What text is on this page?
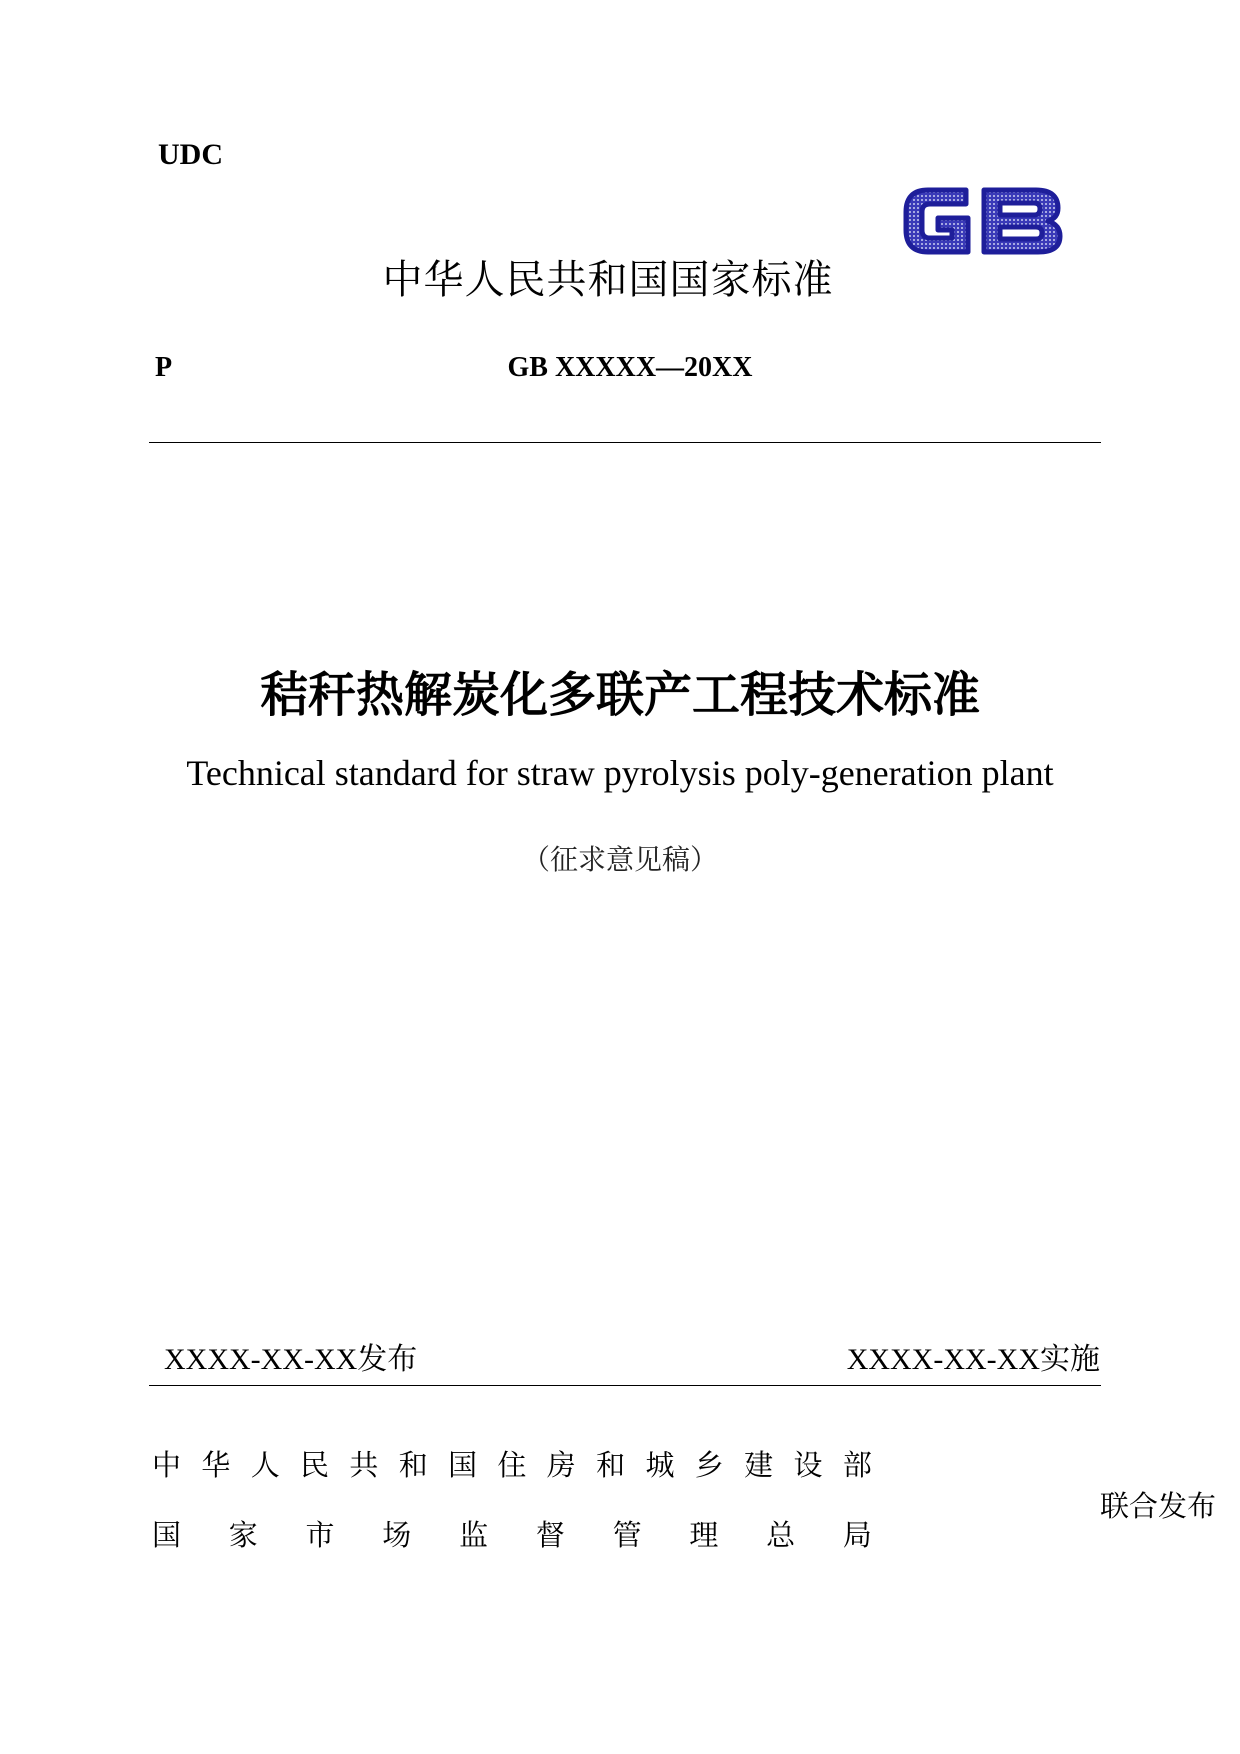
UDC
中华人民共和国国家标准
P	GB XXXXX—20XX
秸秆热解炭化多联产工程技术标准
Technical standard for straw pyrolysis poly-generation plant
（征求意见稿）
XXXX-XX-XX发布	XXXX-XX-XX实施
中 华 人 民 共 和 国 住 房 和 城 乡 建 设 部
国 家 市 场 监 督 管 理 总 局
联合发布
